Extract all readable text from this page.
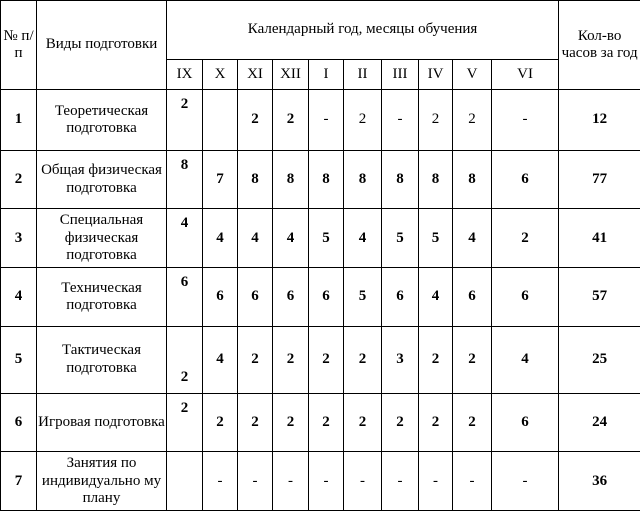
№ п/ п	Виды подготовки	Календарный год, месяцы обучения										Кол-во часов за год
		IX	X	XI	XII	I	II	III	IV	V	VI	
1	Теоретическая подготовка	2		2	2	-	2	-	2	2	-	12
2	Общая физическая подготовка	8	7	8	8	8	8	8	8	8	6	77
3	Специальная физическая подготовка	4	4	4	4	5	4	5	5	4	2	41
4	Техническая подготовка	6	6	6	6	6	5	6	4	6	6	57
5	Тактическая подготовка	2	4	2	2	2	2	3	2	2	4	25
6	Игровая подготовка	2	2	2	2	2	2	2	2	2	6	24
7	Занятия по индивидуально му плану		-	-	-	-	-	-	-	-	-	36
